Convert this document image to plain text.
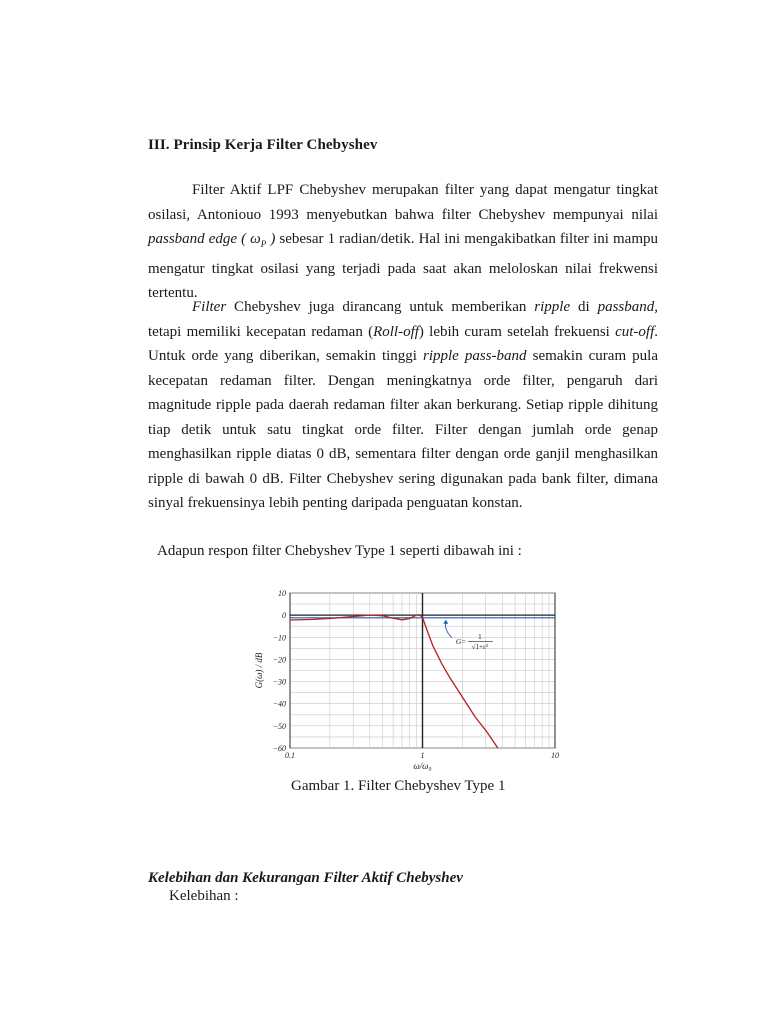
III. Prinsip Kerja Filter Chebyshev

Filter Aktif LPF Chebyshev merupakan filter yang dapat mengatur tingkat osilasi, Antoniouo 1993 menyebutkan bahwa filter Chebyshev mempunyai nilai passband edge ( $\omega_P$ ) sebesar 1 radian/detik. Hal ini mengakibatkan filter ini mampu mengatur tingkat osilasi yang terjadi pada saat akan meloloskan nilai frekwensi tertentu.

Filter Chebyshev juga dirancang untuk memberikan ripple di passband, tetapi memiliki kecepatan redaman (Roll-off) lebih curam setelah frekuensi cut-off. Untuk orde yang diberikan, semakin tinggi ripple pass-band semakin curam pula kecepatan redaman filter. Dengan meningkatnya orde filter, pengaruh dari magnitude ripple pada daerah redaman filter akan berkurang. Setiap ripple dihitung tiap detik untuk satu tingkat orde filter. Filter dengan jumlah orde genap menghasilkan ripple diatas 0 dB, sementara filter dengan orde ganjil menghasilkan ripple di bawah 0 dB. Filter Chebyshev sering digunakan pada bank filter, dimana sinyal frekuensinya lebih penting daripada penguatan konstan.

Adapun respon filter Chebyshev Type 1 seperti dibawah ini :
10
0
−10
−20
−30
−40
−50
−60
0.1	1	10
ω/ω₀
G(ω) / dB
G=
1
√1+ε²
Gambar 1. Filter Chebyshev Type 1
Kelebihan dan Kekurangan Filter Aktif Chebyshev
Kelebihan :
